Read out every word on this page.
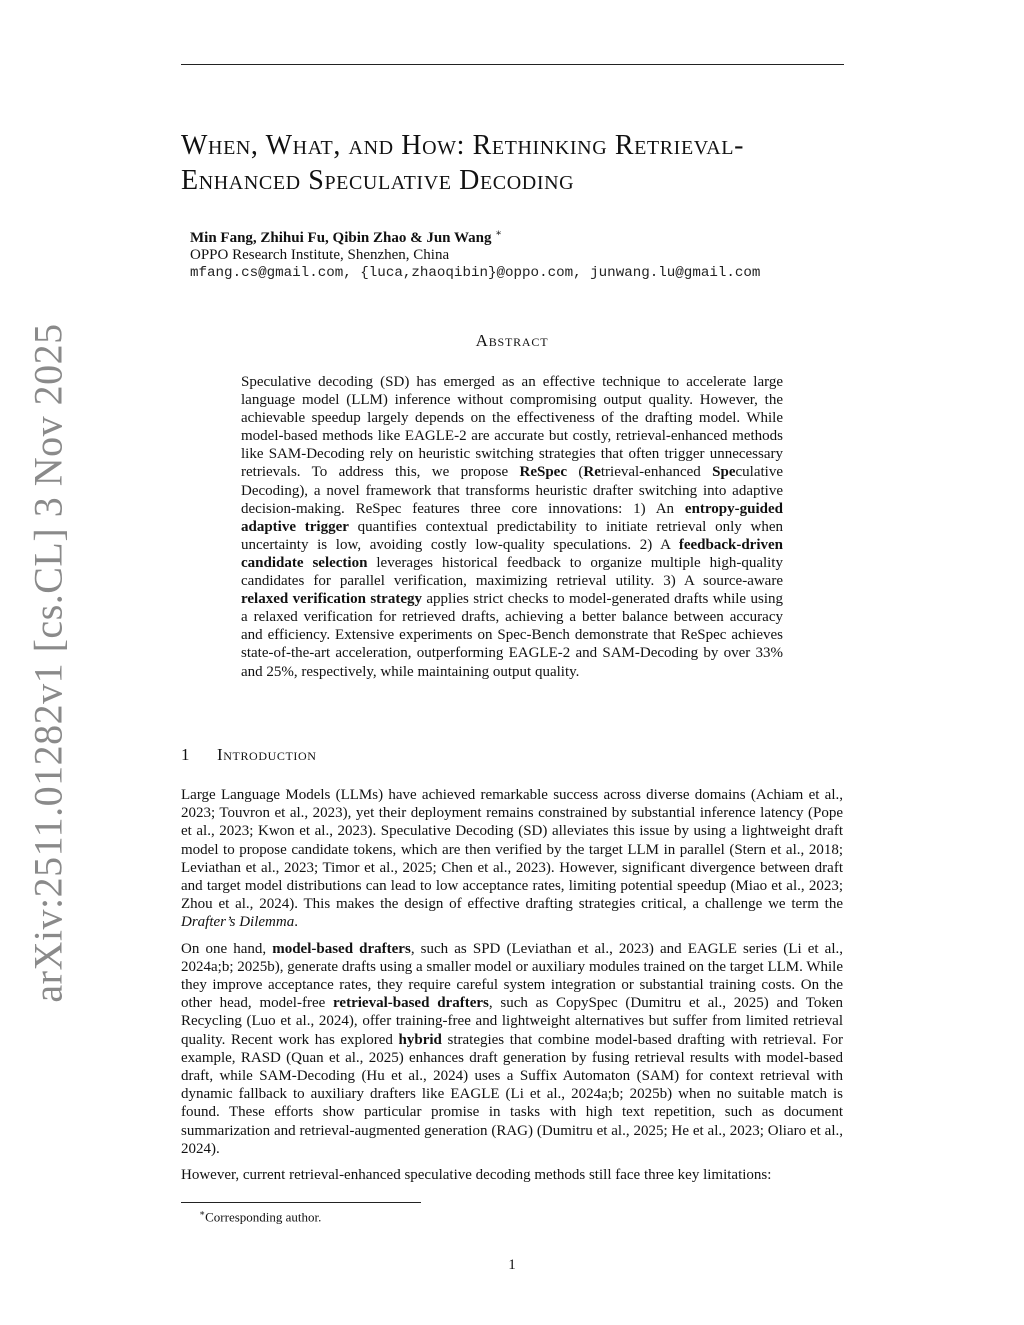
arXiv:2511.01282v1 [cs.CL] 3 Nov 2025
When, What, and How: Rethinking Retrieval-
Enhanced Speculative Decoding
Min Fang, Zhihui Fu, Qibin Zhao & Jun Wang ∗
OPPO Research Institute, Shenzhen, China
mfang.cs@gmail.com, {luca,zhaoqibin}@oppo.com, junwang.lu@gmail.com
Abstract
Speculative decoding (SD) has emerged as an effective technique to accelerate large language model (LLM) inference without compromising output quality. However, the achievable speedup largely depends on the effectiveness of the drafting model. While model-based methods like EAGLE-2 are accurate but costly, retrieval-enhanced methods like SAM-Decoding rely on heuristic switching strategies that often trigger unnecessary retrievals. To address this, we propose ReSpec (Retrieval-enhanced Speculative Decoding), a novel framework that transforms heuristic drafter switching into adaptive decision-making. ReSpec features three core innovations: 1) An entropy-guided adaptive trigger quantifies contextual predictability to initiate retrieval only when uncertainty is low, avoiding costly low-quality speculations. 2) A feedback-driven candidate selection leverages historical feedback to organize multiple high-quality candidates for parallel verification, maximizing retrieval utility. 3) A source-aware relaxed verification strategy applies strict checks to model-generated drafts while using a relaxed verification for retrieved drafts, achieving a better balance between accuracy and efficiency. Extensive experiments on Spec-Bench demonstrate that ReSpec achieves state-of-the-art acceleration, outperforming EAGLE-2 and SAM-Decoding by over 33% and 25%, respectively, while maintaining output quality.
1 Introduction

Large Language Models (LLMs) have achieved remarkable success across diverse domains (Achiam et al., 2023; Touvron et al., 2023), yet their deployment remains constrained by substantial inference latency (Pope et al., 2023; Kwon et al., 2023). Speculative Decoding (SD) alleviates this issue by using a lightweight draft model to propose candidate tokens, which are then verified by the target LLM in parallel (Stern et al., 2018; Leviathan et al., 2023; Timor et al., 2025; Chen et al., 2023). However, significant divergence between draft and target model distributions can lead to low acceptance rates, limiting potential speedup (Miao et al., 2023; Zhou et al., 2024). This makes the design of effective drafting strategies critical, a challenge we term the Drafter’s Dilemma.

On one hand, model-based drafters, such as SPD (Leviathan et al., 2023) and EAGLE series (Li et al., 2024a;b; 2025b), generate drafts using a smaller model or auxiliary modules trained on the target LLM. While they improve acceptance rates, they require careful system integration or substantial training costs. On the other head, model-free retrieval-based drafters, such as CopySpec (Dumitru et al., 2025) and Token Recycling (Luo et al., 2024), offer training-free and lightweight alternatives but suffer from limited retrieval quality. Recent work has explored hybrid strategies that combine model-based drafting with retrieval. For example, RASD (Quan et al., 2025) enhances draft generation by fusing retrieval results with model-based draft, while SAM-Decoding (Hu et al., 2024) uses a Suffix Automaton (SAM) for context retrieval with dynamic fallback to auxiliary drafters like EAGLE (Li et al., 2024a;b; 2025b) when no suitable match is found. These efforts show particular promise in tasks with high text repetition, such as document summarization and retrieval-augmented generation (RAG) (Dumitru et al., 2025; He et al., 2023; Oliaro et al., 2024).

However, current retrieval-enhanced speculative decoding methods still face three key limitations:

∗Corresponding author.
1
